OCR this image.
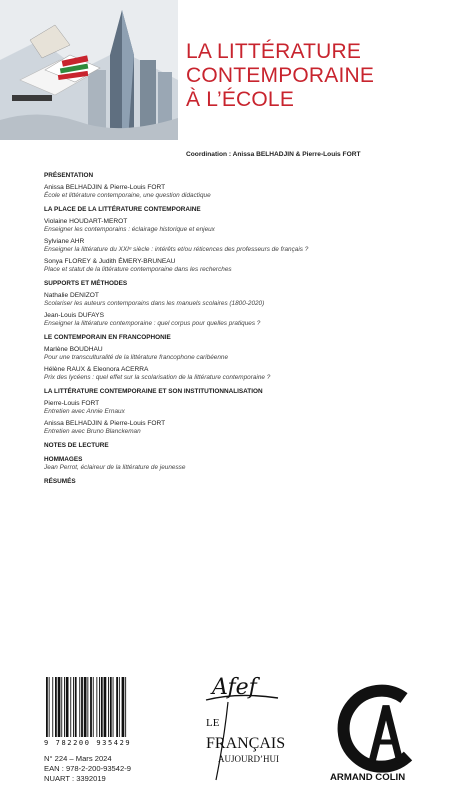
LA LITTÉRATURE
CONTEMPORAINE
À L’ÉCOLE
Coordination : Anissa BELHADJIN & Pierre-Louis FORT
PRÉSENTATION
Anissa BELHADJIN & Pierre-Louis FORT
École et littérature contemporaine, une question didactique
LA PLACE DE LA LITTÉRATURE CONTEMPORAINE
Violaine HOUDART-MEROT
Enseigner les contemporains : éclairage historique et enjeux
Sylviane AHR
Enseigner la littérature du XXIᵉ siècle : intérêts et/ou réticences des professeurs de français ?
Sonya FLOREY & Judith ÉMERY-BRUNEAU
Place et statut de la littérature contemporaine dans les recherches
SUPPORTS ET MÉTHODES
Nathalie DENIZOT
Scolariser les auteurs contemporains dans les manuels scolaires (1800-2020)
Jean-Louis DUFAYS
Enseigner la littérature contemporaine : quel corpus pour quelles pratiques ?
LE CONTEMPORAIN EN FRANCOPHONIE
Marlène BOUDHAU
Pour une transculturalité de la littérature francophone caribéenne
Hélène RAUX & Eleonora ACERRA
Prix des lycéens : quel effet sur la scolarisation de la littérature contemporaine ?
LA LITTÉRATURE CONTEMPORAINE ET SON INSTITUTIONNALISATION
Pierre-Louis FORT
Entretien avec Annie Ernaux
Anissa BELHADJIN & Pierre-Louis FORT
Entretien avec Bruno Blanckeman
NOTES DE LECTURE
HOMMAGES
Jean Perrot, éclaireur de la littérature de jeunesse
RÉSUMÉS
9 782200 935429
N° 224 – Mars 2024
EAN : 978-2-200-93542-9
NUART : 3392019
Afef
LE
FRANÇAIS
AUJOURD’HUI
ARMAND COLIN
